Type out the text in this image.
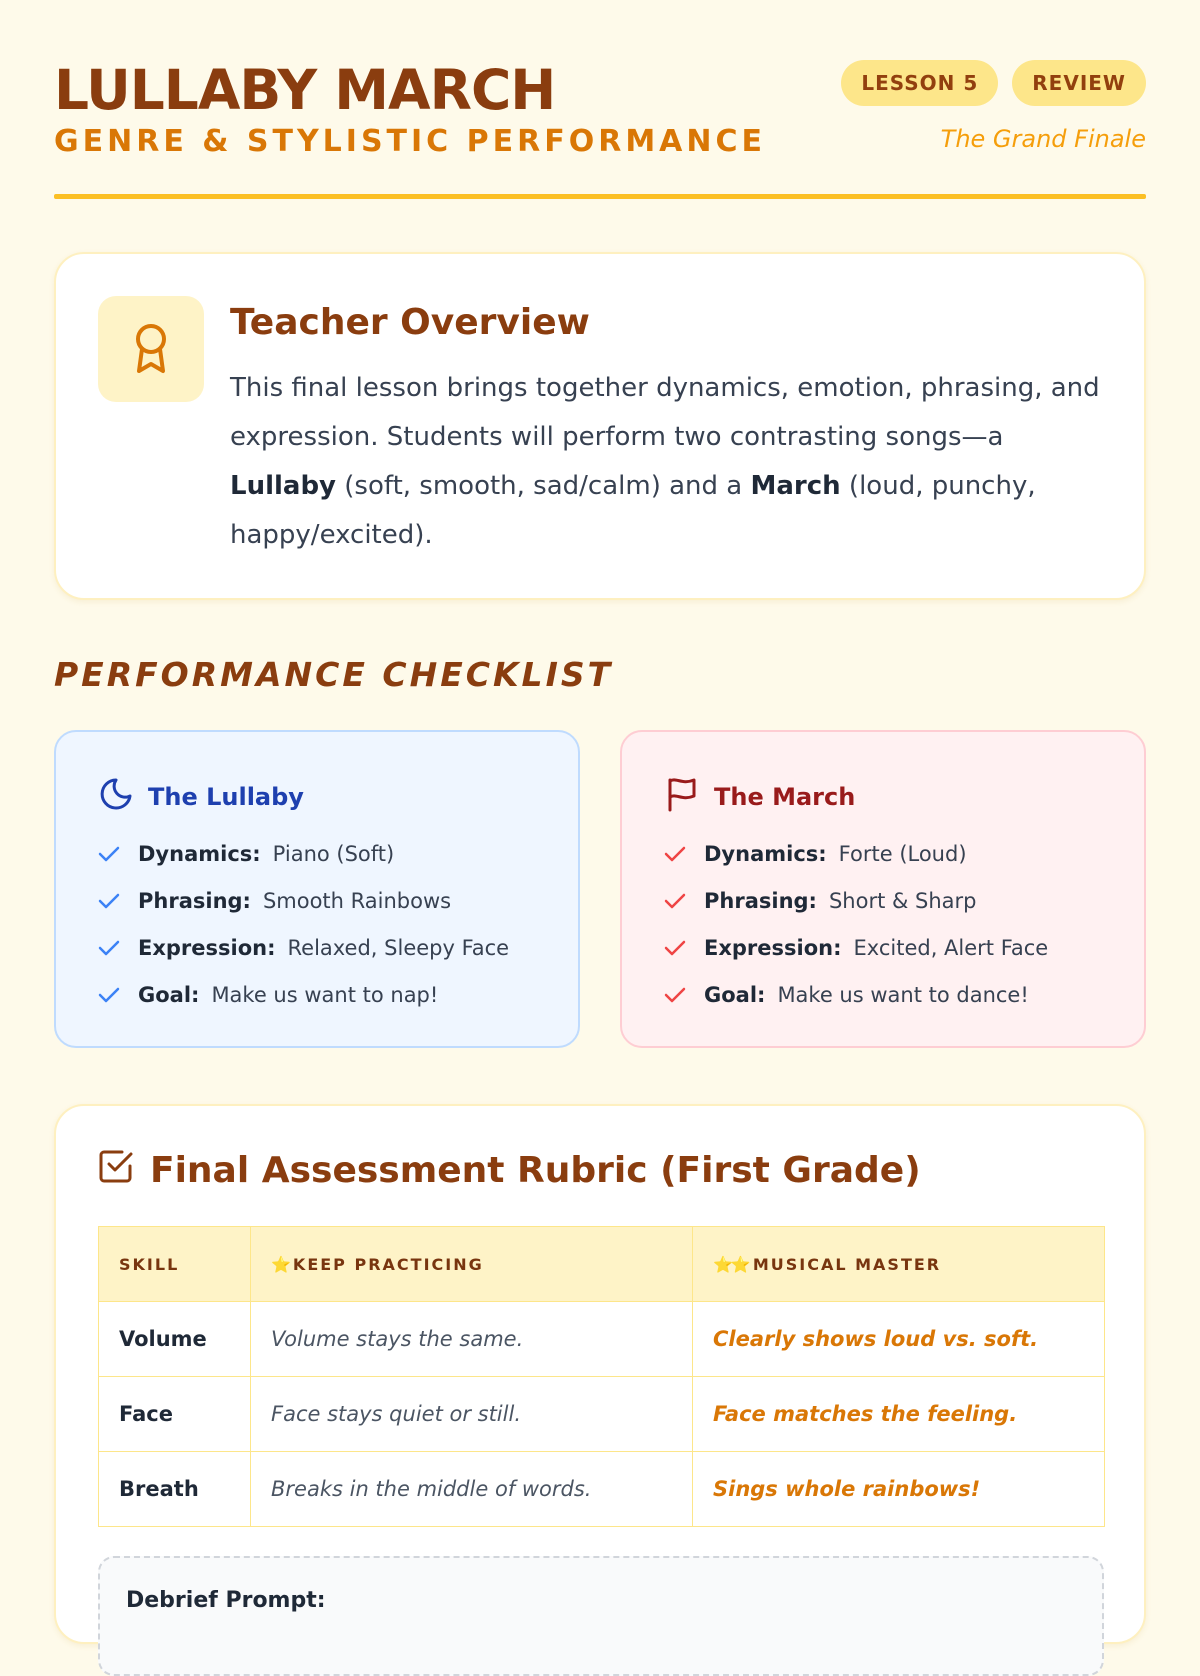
LULLABY MARCH
GENRE & STYLISTIC PERFORMANCE
LESSON 5	REVIEW
The Grand Finale
Teacher Overview

This final lesson brings together dynamics, emotion, phrasing, and expression. Students will perform two contrasting songs—a Lullaby (soft, smooth, sad/calm) and a March (loud, punchy, happy/excited).

PERFORMANCE CHECKLIST
The Lullaby
Dynamics: Piano (Soft)
Phrasing: Smooth Rainbows
Expression: Relaxed, Sleepy Face
Goal: Make us want to nap!
The March
Dynamics: Forte (Loud)
Phrasing: Short & Sharp
Expression: Excited, Alert Face
Goal: Make us want to dance!
Final Assessment Rubric (First Grade)
SKILL	⭐ KEEP PRACTICING	⭐⭐ MUSICAL MASTER
Volume	Volume stays the same.	Clearly shows loud vs. soft.
Face	Face stays quiet or still.	Face matches the feeling.
Breath	Breaks in the middle of words.	Sings whole rainbows!
Debrief Prompt:
